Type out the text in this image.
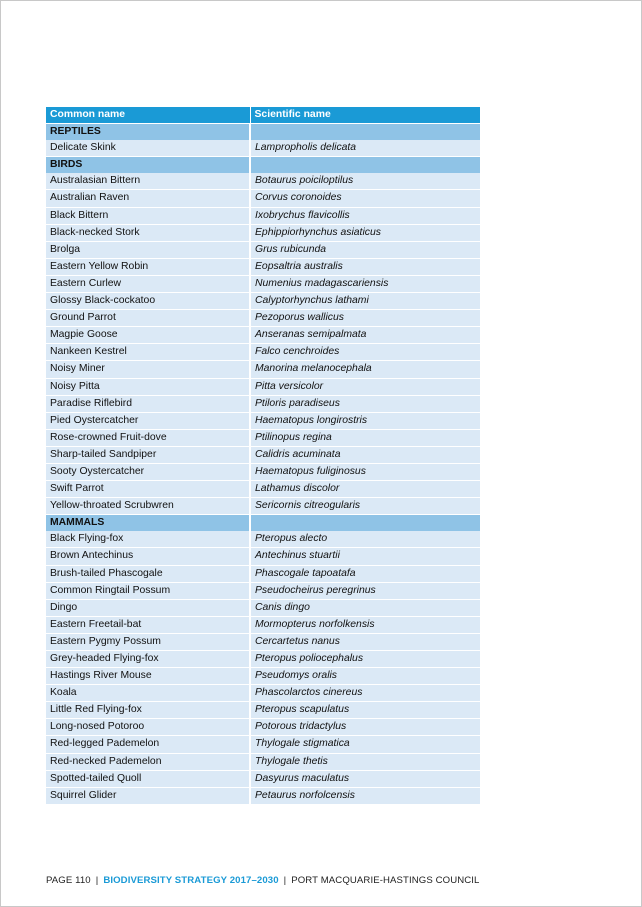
Common name	Scientific name
REPTILES	
Delicate Skink	Lampropholis delicata
BIRDS	
Australasian Bittern	Botaurus poiciloptilus
Australian Raven	Corvus coronoides
Black Bittern	Ixobrychus flavicollis
Black-necked Stork	Ephippiorhynchus asiaticus
Brolga	Grus rubicunda
Eastern Yellow Robin	Eopsaltria australis
Eastern Curlew	Numenius madagascariensis
Glossy Black-cockatoo	Calyptorhynchus lathami
Ground Parrot	Pezoporus wallicus
Magpie Goose	Anseranas semipalmata
Nankeen Kestrel	Falco cenchroides
Noisy Miner	Manorina melanocephala
Noisy Pitta	Pitta versicolor
Paradise Riflebird	Ptiloris paradiseus
Pied Oystercatcher	Haematopus longirostris
Rose-crowned Fruit-dove	Ptilinopus regina
Sharp-tailed Sandpiper	Calidris acuminata
Sooty Oystercatcher	Haematopus fuliginosus
Swift Parrot	Lathamus discolor
Yellow-throated Scrubwren	Sericornis citreogularis
MAMMALS	
Black Flying-fox	Pteropus alecto
Brown Antechinus	Antechinus stuartii
Brush-tailed Phascogale	Phascogale tapoatafa
Common Ringtail Possum	Pseudocheirus peregrinus
Dingo	Canis dingo
Eastern Freetail-bat	Mormopterus norfolkensis
Eastern Pygmy Possum	Cercartetus nanus
Grey-headed Flying-fox	Pteropus poliocephalus
Hastings River Mouse	Pseudomys oralis
Koala	Phascolarctos cinereus
Little Red Flying-fox	Pteropus scapulatus
Long-nosed Potoroo	Potorous tridactylus
Red-legged Pademelon	Thylogale stigmatica
Red-necked Pademelon	Thylogale thetis
Spotted-tailed Quoll	Dasyurus maculatus
Squirrel Glider	Petaurus norfolcensis
PAGE 110 | BIODIVERSITY STRATEGY 2017–2030 | PORT MACQUARIE-HASTINGS COUNCIL
